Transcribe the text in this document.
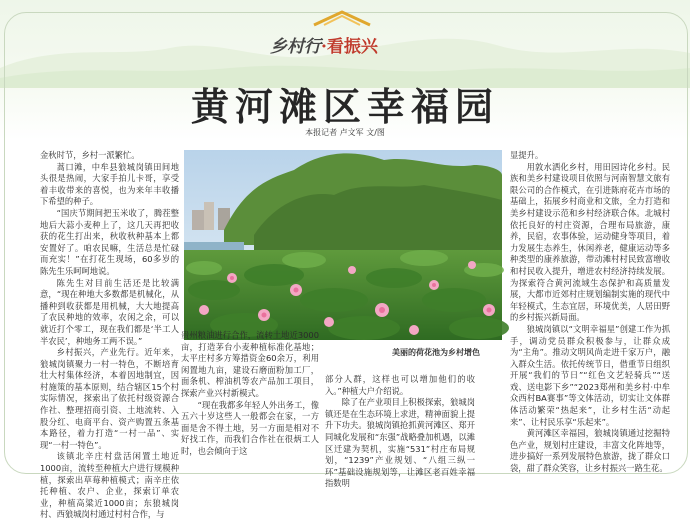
乡村行·看振兴
黄河滩区幸福园
本报记者 卢文军 文/图

金秋时节，乡村一派繁忙。

蒿口滩，中牟县狼城岗镇田间地头很是热闹，大家手拍儿卡哥，享受着丰收带来的喜悦，也为来年丰收播下希望的种子。

“国庆节期间把玉米收了，腾茬整地后大蒜小麦种上了，这几天再把收获的花生打出来，秋收秋种基本上都安置好了。咱农民嘛，生活总是忙碌而充实！”在打花生现场，60多岁的陈先生乐呵呵地说。

陈先生对目前生活还是比较满意，“现在种地大多数都是机械化，从播种到收获都是用机械，大大地提高了农民种地的效率，农闲之余，可以就近打个零工，现在我们都是‘半工人半农民’，种地务工两不误。”

乡村振兴，产业先行。近年来，狼城岗镇聚力一村一特色，不断培育壮大村集体经济，本着因地制宜，因村施策的基本原则，结合辖区15个村实际情况，探索出了依托村级资源合作社、整理招商引资、土地流转、入股分红、电商平台、资产购置五条基本路径，着力打造“一村一品”、实现“一村一特色”。

该镇北辛庄村盘活闲置土地近1000亩，流转至种植大户进行规模种植，探索出草莓种植模式；南辛庄依托种植、农户、企业，探索订单农业，种植高粱近1000亩；东狼城岗村、西狼城岗村通过村村合作，与

美丽的荷花池为乡村增色

贵州粮油进行合作，流转土地近3000亩，打造茅台小麦种植标准化基地；太平庄村多方筹措资金60余万，利用闲置地九亩，建设石磨面粉加工厂，面条机、榨油机等农产品加工项目，探索产业兴村新模式。

“现在我都多年轻人外出务工，像五六十岁这些人一般都会在家，一方面是舍不得土地，另一方面是相对不好找工作，而我们合作社在很炳工人时，也会倾向于这

部分人群，这样也可以增加他们的收入。”种植大户介绍说。

除了在产业项目上积极探索，狼城岗镇还是在生态环境上求进，精神面貌上提升下功夫。狼城岗镇抢抓黄河滩区、郑开同城化发展和“东强”战略叠加机遇，以滩区迁建为契机，实施“531”村庄布局规划，“1239”产业规划、“八组三纵一环”基础设施规划等，让滩区老百姓幸福指数明

显提升。

用敦水洒化乡村，用田园诗化乡村。民族和美乡村建设项目依照与河南智慧文旅有限公司的合作模式，在引进陈府花卉市场的基础上，拓展乡村商业和文旅，全力打造和美乡村建设示范和乡村经济联合体。北城村依托良好的村庄资源，合理布局旅游，康养，民宿，农事体验，运动健身等项目，着力发展生态养生，休闲养老，健康运动等多种类型的康养旅游，带动滩村村民致富增收和村民收入提升，增进农村经济持续发展。为探索符合黄河流域生态保护和高质量发展，大都市近郊村庄规划编制实施的现代中年轻模式，生态宜居，环境优美，人居田野的乡村振兴新局面。

狼城岗镇以“文明幸福星”创建工作为抓手，调动党员群众积极参与，让群众成为“主角”。推动文明风尚走进千家万户，融入群众生活。依托传统节日，借重节日组织开展“我们的节日”“红色文艺轻骑兵”“送戏、送电影下乡”“2023郑州和美乡村·中牟众西村BA赛事”等文体活动，切实让文体群体活动繁荣“热起来”，让乡村生活“动起来”、让村民乐享“乐起来”。

黄河滩区幸福园，狼城岗镇通过挖掘特色产业，规划村庄建设，丰富文化阵地等，进步搞好一系列发展特色旅游，拢了群众口袋，甜了群众笑容，让乡村振兴一路生花。
